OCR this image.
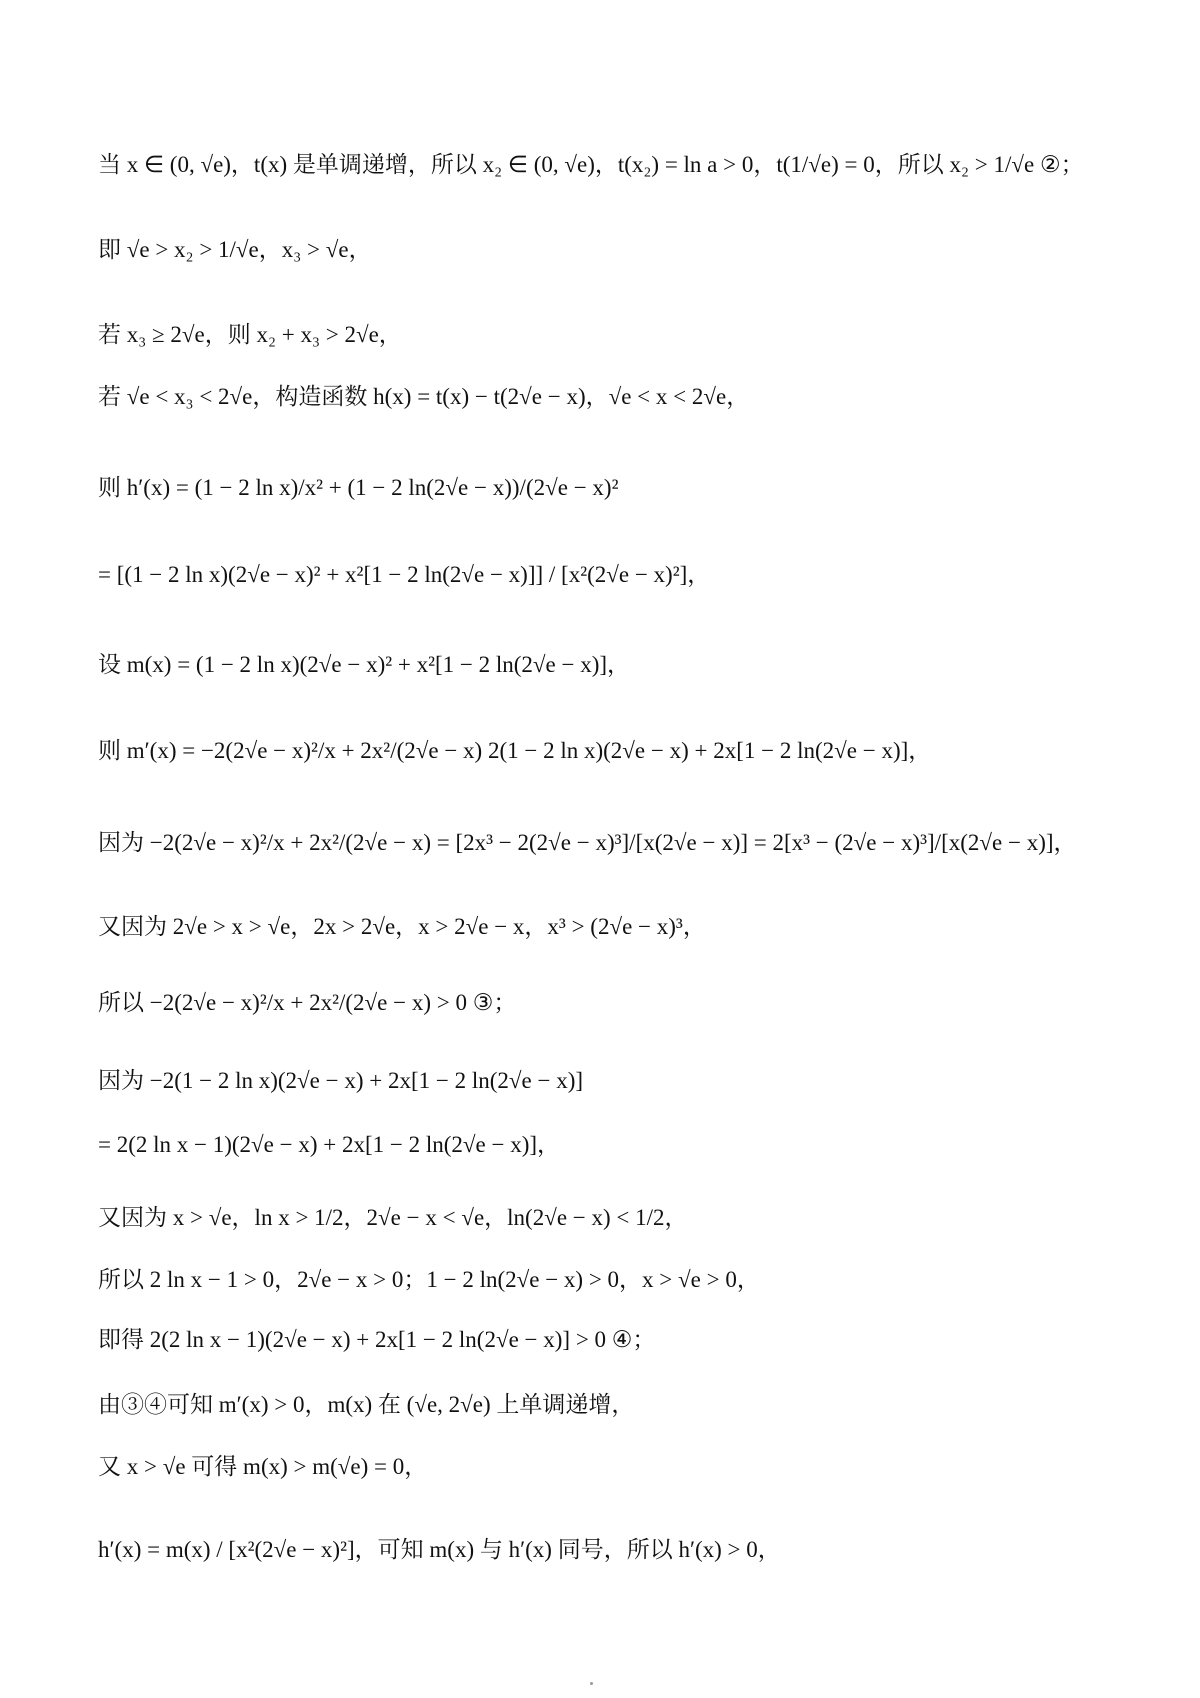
当 x ∈ (0, √e)，t(x) 是单调递增，所以 x₂ ∈ (0, √e)，t(x₂) = ln a > 0，t(1/√e) = 0，所以 x₂ > 1/√e ②；
即 √e > x₂ > 1/√e，x₃ > √e，
若 x₃ ≥ 2√e，则 x₂ + x₃ > 2√e，
若 √e < x₃ < 2√e，构造函数 h(x) = t(x) − t(2√e − x)，√e < x < 2√e，
则 h′(x) = (1 − 2 ln x)/x² + (1 − 2 ln(2√e − x))/(2√e − x)²
= [(1 − 2 ln x)(2√e − x)² + x²[1 − 2 ln(2√e − x)]] / [x²(2√e − x)²]，
设 m(x) = (1 − 2 ln x)(2√e − x)² + x²[1 − 2 ln(2√e − x)]，
则 m′(x) = −2(2√e − x)²/x + 2x²/(2√e − x) 2(1 − 2 ln x)(2√e − x) + 2x[1 − 2 ln(2√e − x)]，
因为 −2(2√e − x)²/x + 2x²/(2√e − x) = [2x³ − 2(2√e − x)³]/[x(2√e − x)] = 2[x³ − (2√e − x)³]/[x(2√e − x)]，
又因为 2√e > x > √e，2x > 2√e，x > 2√e − x，x³ > (2√e − x)³，
所以 −2(2√e − x)²/x + 2x²/(2√e − x) > 0 ③；
因为 −2(1 − 2 ln x)(2√e − x) + 2x[1 − 2 ln(2√e − x)]
= 2(2 ln x − 1)(2√e − x) + 2x[1 − 2 ln(2√e − x)]，
又因为 x > √e，ln x > 1/2，2√e − x < √e，ln(2√e − x) < 1/2，
所以 2 ln x − 1 > 0，2√e − x > 0；1 − 2 ln(2√e − x) > 0，x > √e > 0，
即得 2(2 ln x − 1)(2√e − x) + 2x[1 − 2 ln(2√e − x)] > 0 ④；
由③④可知 m′(x) > 0，m(x) 在 (√e, 2√e) 上单调递增，
又 x > √e 可得 m(x) > m(√e) = 0，
h′(x) = m(x) / [x²(2√e − x)²]，可知 m(x) 与 h′(x) 同号，所以 h′(x) > 0，
